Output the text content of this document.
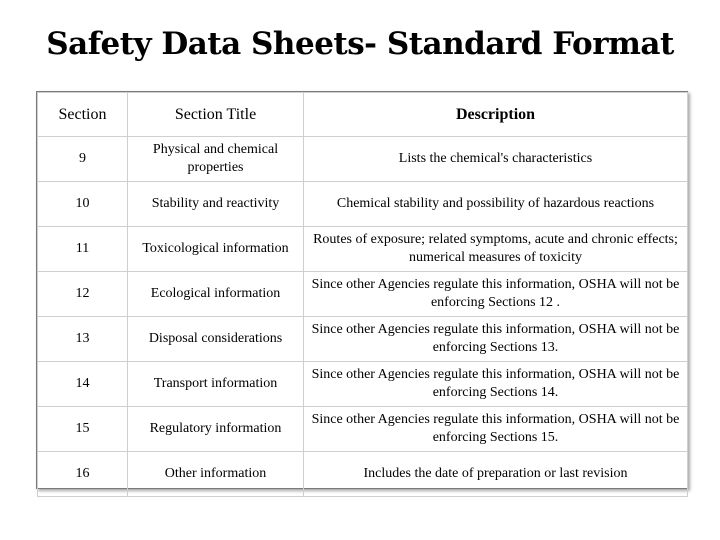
Safety Data Sheets- Standard Format
Section	Section Title	Description
9	Physical and chemical properties	Lists the chemical's characteristics
10	Stability and reactivity	Chemical stability and possibility of hazardous reactions
11	Toxicological information	Routes of exposure; related symptoms, acute and chronic effects; numerical measures of toxicity
12	Ecological information	Since other Agencies regulate this information, OSHA will not be enforcing Sections 12 .
13	Disposal considerations	Since other Agencies regulate this information, OSHA will not be enforcing Sections 13.
14	Transport information	Since other Agencies regulate this information, OSHA will not be enforcing Sections 14.
15	Regulatory information	Since other Agencies regulate this information, OSHA will not be enforcing Sections 15.
16	Other information	Includes the date of preparation or last revision
